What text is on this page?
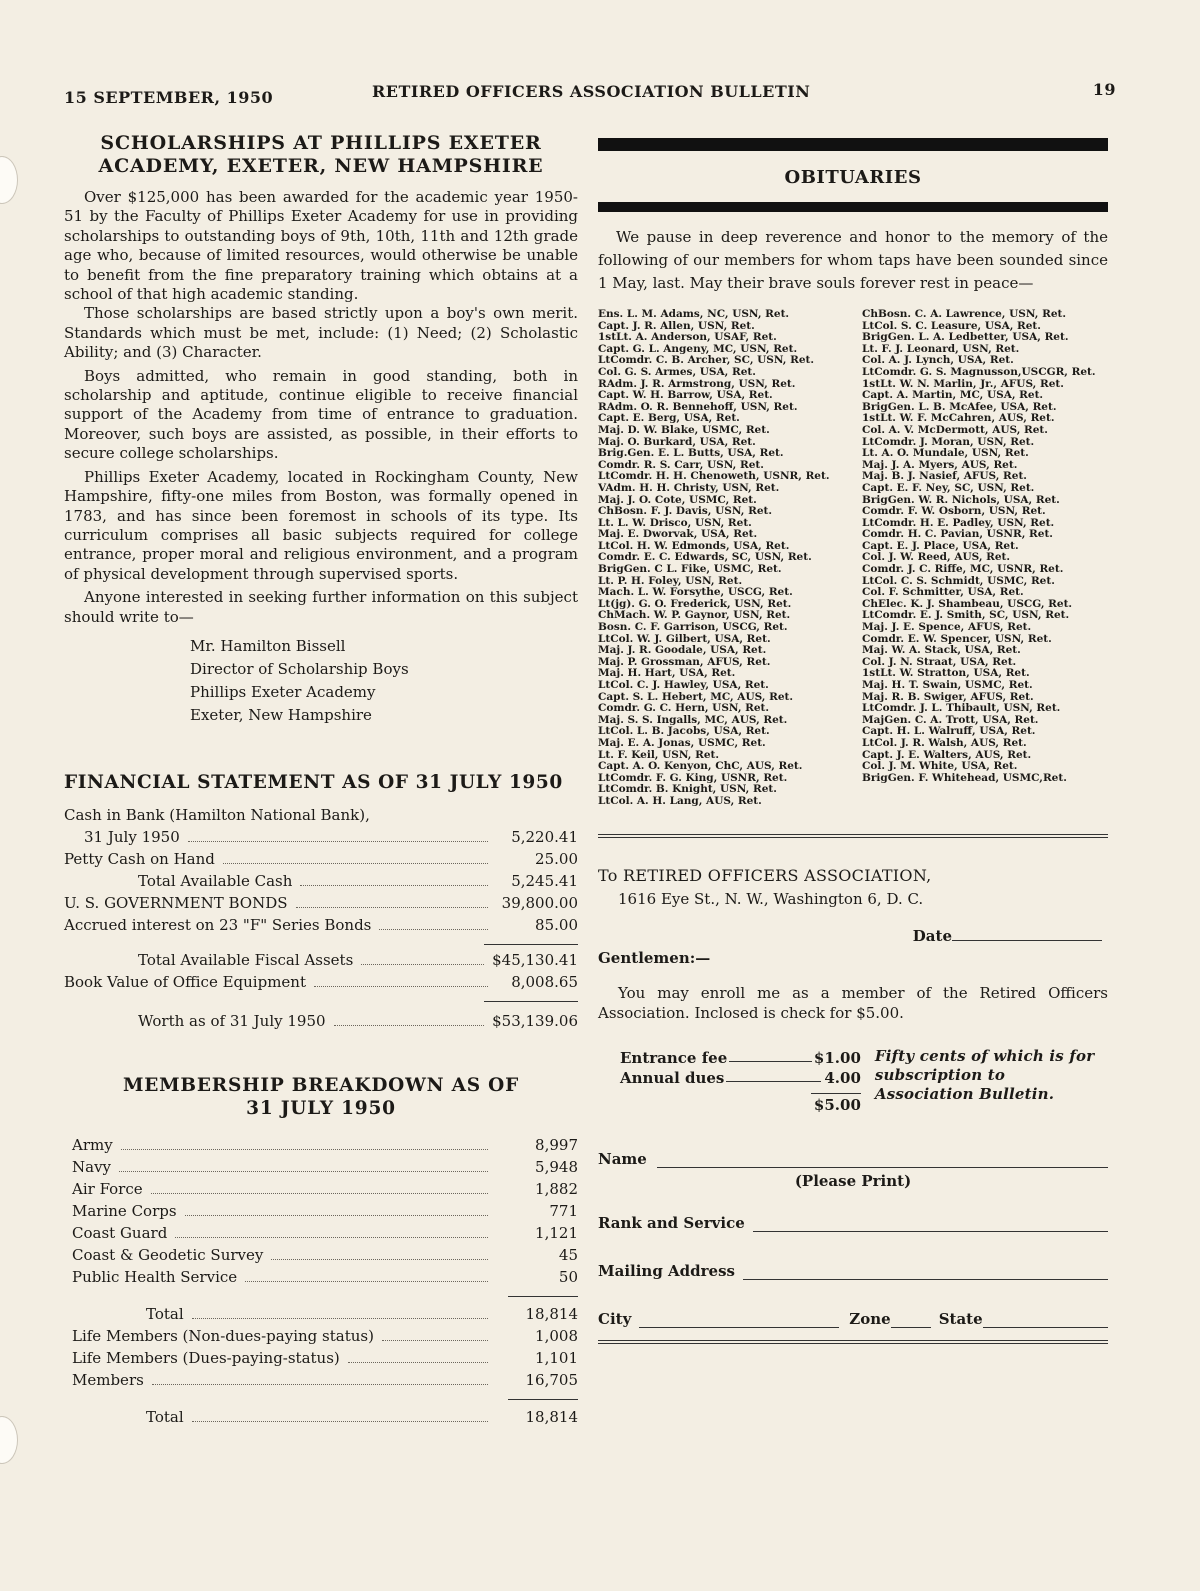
15 SEPTEMBER, 1950	RETIRED OFFICERS ASSOCIATION BULLETIN	19
SCHOLARSHIPS AT PHILLIPS EXETER
ACADEMY, EXETER, NEW HAMPSHIRE

Over $125,000 has been awarded for the academic year 1950-51 by the Faculty of Phillips Exeter Academy for use in providing scholarships to outstanding boys of 9th, 10th, 11th and 12th grade age who, because of limited resources, would otherwise be unable to benefit from the fine preparatory training which obtains at a school of that high academic standing.

Those scholarships are based strictly upon a boy's own merit. Standards which must be met, include: (1) Need; (2) Scholastic Ability; and (3) Character.

Boys admitted, who remain in good standing, both in scholarship and aptitude, continue eligible to receive financial support of the Academy from time of entrance to graduation. Moreover, such boys are assisted, as possible, in their efforts to secure college scholarships.

Phillips Exeter Academy, located in Rockingham County, New Hampshire, fifty-one miles from Boston, was formally opened in 1783, and has since been foremost in schools of its type. Its curriculum comprises all basic subjects required for college entrance, proper moral and religious environment, and a program of physical development through supervised sports.

Anyone interested in seeking further information on this subject should write to—

Mr. Hamilton Bissell
Director of Scholarship Boys
Phillips Exeter Academy
Exeter, New Hampshire
FINANCIAL STATEMENT AS OF 31 JULY 1950
Cash in Bank (Hamilton National Bank),
31 July 1950	5,220.41
Petty Cash on Hand	25.00
Total Available Cash	5,245.41
U. S. GOVERNMENT BONDS	39,800.00
Accrued interest on 23 "F" Series Bonds	85.00
Total Available Fiscal Assets	$45,130.41
Book Value of Office Equipment	8,008.65
Worth as of 31 July 1950	$53,139.06
MEMBERSHIP BREAKDOWN AS OF
31 JULY 1950
Army	8,997
Navy	5,948
Air Force	1,882
Marine Corps	771
Coast Guard	1,121
Coast & Geodetic Survey	45
Public Health Service	50
Total	18,814
Life Members (Non-dues-paying status)	1,008
Life Members (Dues-paying-status)	1,101
Members	16,705
Total	18,814
OBITUARIES

We pause in deep reverence and honor to the memory of the following of our members for whom taps have been sounded since 1 May, last. May their brave souls forever rest in peace—

Ens. L. M. Adams, NC, USN, Ret.
Capt. J. R. Allen, USN, Ret.
1stLt. A. Anderson, USAF, Ret.
Capt. G. L. Angeny, MC, USN, Ret.
LtComdr. C. B. Archer, SC, USN, Ret.
Col. G. S. Armes, USA, Ret.
RAdm. J. R. Armstrong, USN, Ret.
Capt. W. H. Barrow, USA, Ret.
RAdm. O. R. Bennehoff, USN, Ret.
Capt. E. Berg, USA, Ret.
Maj. D. W. Blake, USMC, Ret.
Maj. O. Burkard, USA, Ret.
Brig.Gen. E. L. Butts, USA, Ret.
Comdr. R. S. Carr, USN, Ret.
LtComdr. H. H. Chenoweth, USNR, Ret.
VAdm. H. H. Christy, USN, Ret.
Maj. J. O. Cote, USMC, Ret.
ChBosn. F. J. Davis, USN, Ret.
Lt. L. W. Drisco, USN, Ret.
Maj. E. Dworvak, USA, Ret.
LtCol. H. W. Edmonds, USA, Ret.
Comdr. E. C. Edwards, SC, USN, Ret.
BrigGen. C L. Fike, USMC, Ret.
Lt. P. H. Foley, USN, Ret.
Mach. L. W. Forsythe, USCG, Ret.
Lt(jg). G. O. Frederick, USN, Ret.
ChMach. W. P. Gaynor, USN, Ret.
Bosn. C. F. Garrison, USCG, Ret.
LtCol. W. J. Gilbert, USA, Ret.
Maj. J. R. Goodale, USA, Ret.
Maj. P. Grossman, AFUS, Ret.
Maj. H. Hart, USA, Ret.
LtCol. C. J. Hawley, USA, Ret.
Capt. S. L. Hebert, MC, AUS, Ret.
Comdr. G. C. Hern, USN, Ret.
Maj. S. S. Ingalls, MC, AUS, Ret.
LtCol. L. B. Jacobs, USA, Ret.
Maj. E. A. Jonas, USMC, Ret.
Lt. F. Keil, USN, Ret.
Capt. A. O. Kenyon, ChC, AUS, Ret.
LtComdr. F. G. King, USNR, Ret.
LtComdr. B. Knight, USN, Ret.
LtCol. A. H. Lang, AUS, Ret.
ChBosn. C. A. Lawrence, USN, Ret.
LtCol. S. C. Leasure, USA, Ret.
BrigGen. L. A. Ledbetter, USA, Ret.
Lt. F. J. Leonard, USN, Ret.
Col. A. J. Lynch, USA, Ret.
LtComdr. G. S. Magnusson,USCGR, Ret.
1stLt. W. N. Marlin, Jr., AFUS, Ret.
Capt. A. Martin, MC, USA, Ret.
BrigGen. L. B. McAfee, USA, Ret.
1stLt. W. F. McCahren, AUS, Ret.
Col. A. V. McDermott, AUS, Ret.
LtComdr. J. Moran, USN, Ret.
Lt. A. O. Mundale, USN, Ret.
Maj. J. A. Myers, AUS, Ret.
Maj. B. J. Nasief, AFUS, Ret.
Capt. E. F. Ney, SC, USN, Ret.
BrigGen. W. R. Nichols, USA, Ret.
Comdr. F. W. Osborn, USN, Ret.
LtComdr. H. E. Padley, USN, Ret.
Comdr. H. C. Pavian, USNR, Ret.
Capt. E. J. Place, USA, Ret.
Col. J. W. Reed, AUS, Ret.
Comdr. J. C. Riffe, MC, USNR, Ret.
LtCol. C. S. Schmidt, USMC, Ret.
Col. F. Schmitter, USA, Ret.
ChElec. K. J. Shambeau, USCG, Ret.
LtComdr. E. J. Smith, SC, USN, Ret.
Maj. J. E. Spence, AFUS, Ret.
Comdr. E. W. Spencer, USN, Ret.
Maj. W. A. Stack, USA, Ret.
Col. J. N. Straat, USA, Ret.
1stLt. W. Stratton, USA, Ret.
Maj. H. T. Swain, USMC, Ret.
Maj. R. B. Swiger, AFUS, Ret.
LtComdr. J. L. Thibault, USN, Ret.
MajGen. C. A. Trott, USA, Ret.
Capt. H. L. Walruff, USA, Ret.
LtCol. J. R. Walsh, AUS, Ret.
Capt. J. E. Walters, AUS, Ret.
Col. J. M. White, USA, Ret.
BrigGen. F. Whitehead, USMC,Ret.
To RETIRED OFFICERS ASSOCIATION,
1616 Eye St., N. W., Washington 6, D. C.
Date
Gentlemen:—

You may enroll me as a member of the Retired Officers Association. Inclosed is check for $5.00.

Entrance fee	$1.00
Annual dues	4.00
$5.00
Fifty cents of which is for subscription to Association Bulletin.
Name
(Please Print)
Rank and Service
Mailing Address
City	Zone	State
